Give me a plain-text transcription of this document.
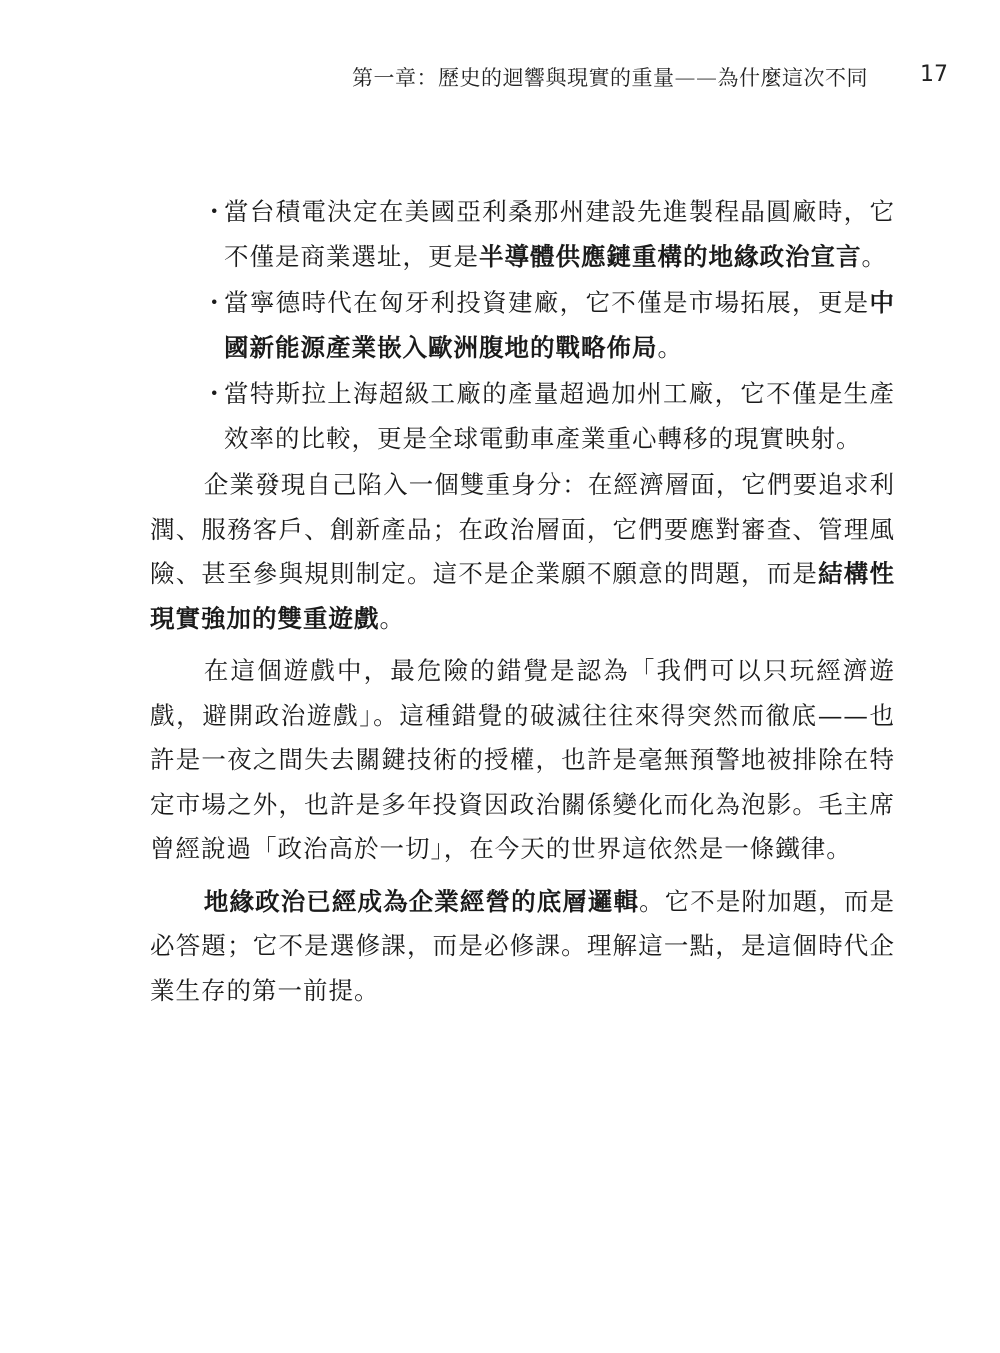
第一章：歷史的迴響與現實的重量——為什麼這次不同 17
・
當台積電決定在美國亞利桑那州建設先進製程晶圓廠時，它不僅是商業選址，更是半導體供應鏈重構的地緣政治宣言。
・
當寧德時代在匈牙利投資建廠，它不僅是市場拓展，更是中國新能源產業嵌入歐洲腹地的戰略佈局。
・
當特斯拉上海超級工廠的產量超過加州工廠，它不僅是生產效率的比較，更是全球電動車產業重心轉移的現實映射。

企業發現自己陷入一個雙重身分：在經濟層面，它們要追求利潤、服務客戶、創新產品；在政治層面，它們要應對審查、管理風險、甚至參與規則制定。這不是企業願不願意的問題，而是結構性現實強加的雙重遊戲。

在這個遊戲中，最危險的錯覺是認為「我們可以只玩經濟遊戲，避開政治遊戲」。這種錯覺的破滅往往來得突然而徹底——也許是一夜之間失去關鍵技術的授權，也許是毫無預警地被排除在特定市場之外，也許是多年投資因政治關係變化而化為泡影。毛主席曾經說過「政治高於一切」，在今天的世界這依然是一條鐵律。

地緣政治已經成為企業經營的底層邏輯。它不是附加題，而是必答題；它不是選修課，而是必修課。理解這一點，是這個時代企業生存的第一前提。
